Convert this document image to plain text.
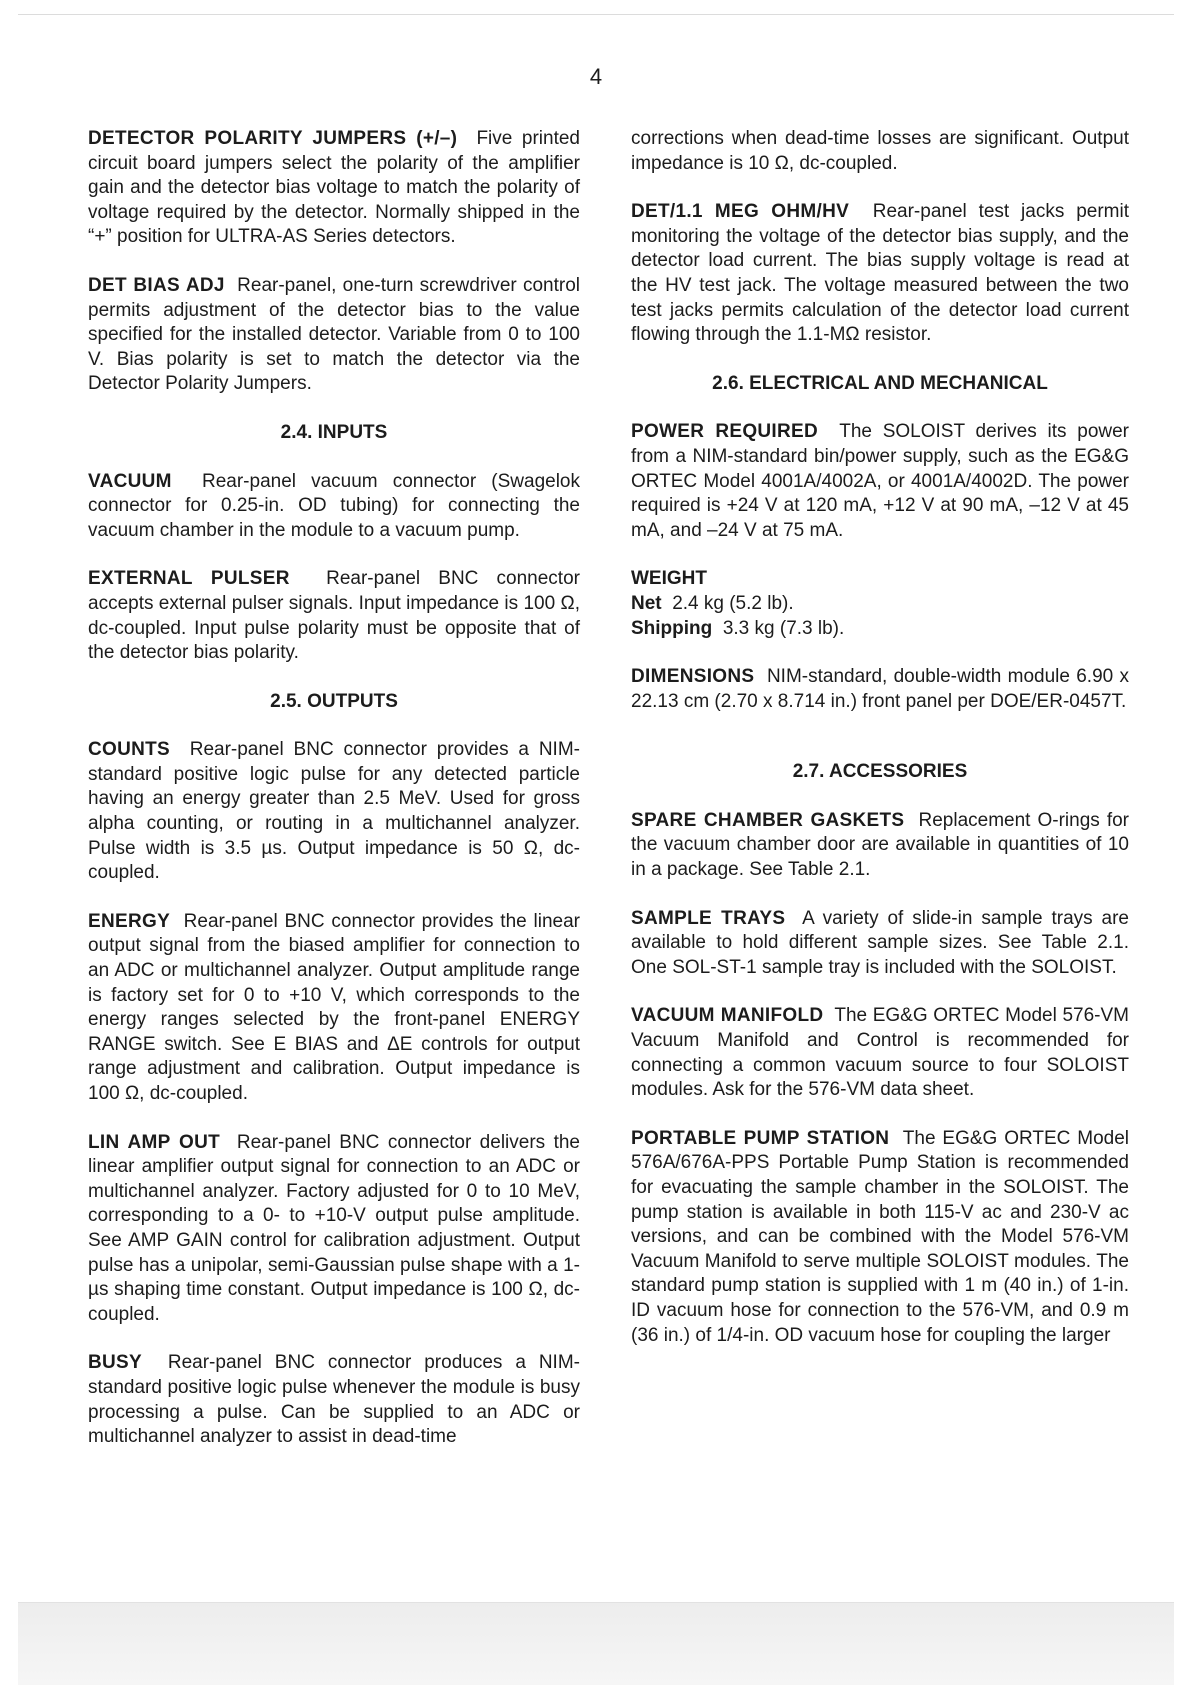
4

DETECTOR POLARITY JUMPERS (+/–) Five printed circuit board jumpers select the polarity of the amplifier gain and the detector bias voltage to match the polarity of voltage required by the detector. Normally shipped in the “+” position for ULTRA-AS Series detectors.

DET BIAS ADJ Rear-panel, one-turn screwdriver control permits adjustment of the detector bias to the value specified for the installed detector. Variable from 0 to 100 V. Bias polarity is set to match the detector via the Detector Polarity Jumpers.

2.4. INPUTS

VACUUM Rear-panel vacuum connector (Swagelok connector for 0.25-in. OD tubing) for connecting the vacuum chamber in the module to a vacuum pump.

EXTERNAL PULSER Rear-panel BNC connector accepts external pulser signals. Input impedance is 100 Ω, dc-coupled. Input pulse polarity must be opposite that of the detector bias polarity.

2.5. OUTPUTS

COUNTS Rear-panel BNC connector provides a NIM-standard positive logic pulse for any detected particle having an energy greater than 2.5 MeV. Used for gross alpha counting, or routing in a multichannel analyzer. Pulse width is 3.5 µs. Output impedance is 50 Ω, dc-coupled.

ENERGY Rear-panel BNC connector provides the linear output signal from the biased amplifier for connection to an ADC or multichannel analyzer. Output amplitude range is factory set for 0 to +10 V, which corresponds to the energy ranges selected by the front-panel ENERGY RANGE switch. See E BIAS and ΔE controls for output range adjustment and calibration. Output impedance is 100 Ω, dc-coupled.

LIN AMP OUT Rear-panel BNC connector delivers the linear amplifier output signal for connection to an ADC or multichannel analyzer. Factory adjusted for 0 to 10 MeV, corresponding to a 0- to +10-V output pulse amplitude. See AMP GAIN control for calibration adjustment. Output pulse has a unipolar, semi-Gaussian pulse shape with a 1-µs shaping time constant. Output impedance is 100 Ω, dc-coupled.

BUSY Rear-panel BNC connector produces a NIM-standard positive logic pulse whenever the module is busy processing a pulse. Can be supplied to an ADC or multichannel analyzer to assist in dead-time

corrections when dead-time losses are significant. Output impedance is 10 Ω, dc-coupled.

DET/1.1 MEG OHM/HV Rear-panel test jacks permit monitoring the voltage of the detector bias supply, and the detector load current. The bias supply voltage is read at the HV test jack. The voltage measured between the two test jacks permits calculation of the detector load current flowing through the 1.1-MΩ resistor.

2.6. ELECTRICAL AND MECHANICAL

POWER REQUIRED The SOLOIST derives its power from a NIM-standard bin/power supply, such as the EG&G ORTEC Model 4001A/4002A, or 4001A/4002D. The power required is +24 V at 120 mA, +12 V at 90 mA, –12 V at 45 mA, and –24 V at 75 mA.

WEIGHT
Net 2.4 kg (5.2 lb).
Shipping 3.3 kg (7.3 lb).

DIMENSIONS NIM-standard, double-width module 6.90 x 22.13 cm (2.70 x 8.714 in.) front panel per DOE/ER-0457T.

2.7. ACCESSORIES

SPARE CHAMBER GASKETS Replacement O-rings for the vacuum chamber door are available in quantities of 10 in a package. See Table 2.1.

SAMPLE TRAYS A variety of slide-in sample trays are available to hold different sample sizes. See Table 2.1. One SOL-ST-1 sample tray is included with the SOLOIST.

VACUUM MANIFOLD The EG&G ORTEC Model 576-VM Vacuum Manifold and Control is recommended for connecting a common vacuum source to four SOLOIST modules. Ask for the 576-VM data sheet.

PORTABLE PUMP STATION The EG&G ORTEC Model 576A/676A-PPS Portable Pump Station is recommended for evacuating the sample chamber in the SOLOIST. The pump station is available in both 115-V ac and 230-V ac versions, and can be combined with the Model 576-VM Vacuum Manifold to serve multiple SOLOIST modules. The standard pump station is supplied with 1 m (40 in.) of 1-in. ID vacuum hose for connection to the 576-VM, and 0.9 m (36 in.) of 1/4-in. OD vacuum hose for coupling the larger
